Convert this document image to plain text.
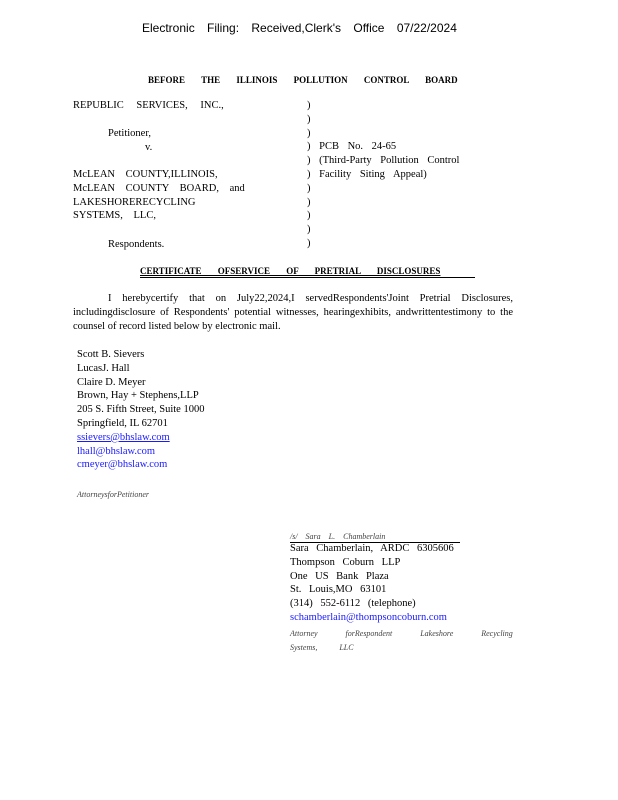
Electronic Filing: Received,Clerk's Office 07/22/2024
BEFORE THE ILLINOIS POLLUTION CONTROL BOARD
REPUBLIC SERVICES, INC.,
Petitioner,
v.
McLEAN COUNTY,ILLINOIS,
McLEAN COUNTY BOARD, and
LAKESHORERECYCLING
SYSTEMS, LLC,
Respondents.
)
)
)
) PCB No. 24-65
) (Third-Party Pollution Control
) Facility Siting Appeal)
)
)
)
)
)
CERTIFICATE OFSERVICE OF PRETRIAL DISCLOSURES
I herebycertify that on July22,2024,I servedRespondents'Joint Pretrial Disclosures, includingdisclosure of Respondents' potential witnesses, hearingexhibits, andwrittentestimony to the counsel of record listed below by electronic mail.
Scott B. Sievers
LucasJ. Hall
Claire D. Meyer
Brown, Hay + Stephens,LLP
205 S. Fifth Street, Suite 1000
Springfield, IL 62701
ssievers@bhslaw.com
lhall@bhslaw.com
cmeyer@bhslaw.com
AttorneysforPetitioner
/s/ Sara L. Chamberlain
Sara Chamberlain, ARDC 6305606
Thompson Coburn LLP
One US Bank Plaza
St. Louis,MO 63101
(314) 552-6112 (telephone)
schamberlain@thompsoncoburn.com
Attorney forRespondent Lakeshore Recycling
Systems, LLC
